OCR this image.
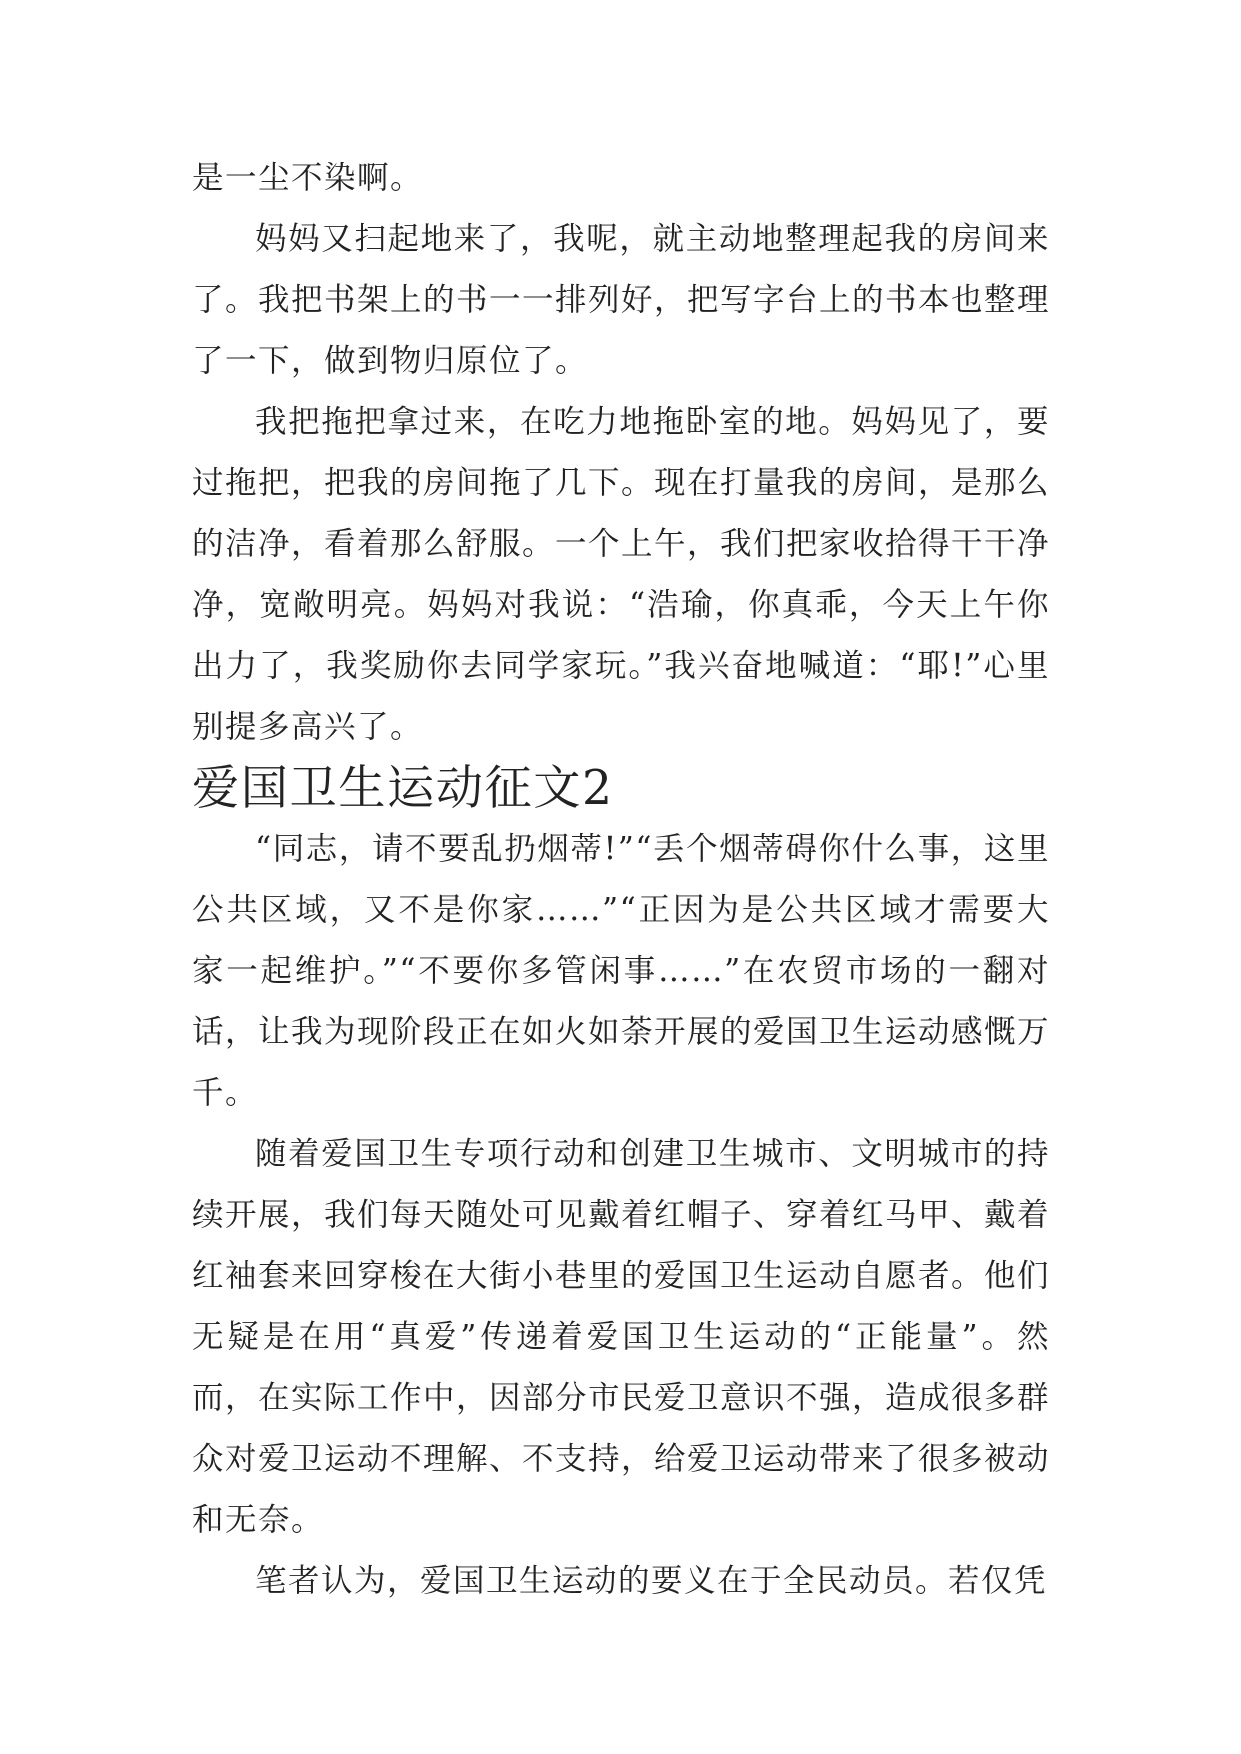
是一尘不染啊。

妈妈又扫起地来了，我呢，就主动地整理起我的房间来了。我把书架上的书一一排列好，把写字台上的书本也整理了一下，做到物归原位了。

我把拖把拿过来，在吃力地拖卧室的地。妈妈见了，要过拖把，把我的房间拖了几下。现在打量我的房间，是那么的洁净，看着那么舒服。一个上午，我们把家收拾得干干净净，宽敞明亮。妈妈对我说：“浩瑜，你真乖，今天上午你出力了，我奖励你去同学家玩。”我兴奋地喊道：“耶!”心里别提多高兴了。

爱国卫生运动征文2

“同志，请不要乱扔烟蒂!”“丢个烟蒂碍你什么事，这里公共区域，又不是你家……”“正因为是公共区域才需要大家一起维护。”“不要你多管闲事……”在农贸市场的一翻对话，让我为现阶段正在如火如荼开展的爱国卫生运动感慨万千。

随着爱国卫生专项行动和创建卫生城市、文明城市的持续开展，我们每天随处可见戴着红帽子、穿着红马甲、戴着红袖套来回穿梭在大街小巷里的爱国卫生运动自愿者。他们无疑是在用“真爱”传递着爱国卫生运动的“正能量”。然而，在实际工作中，因部分市民爱卫意识不强，造成很多群众对爱卫运动不理解、不支持，给爱卫运动带来了很多被动和无奈。

笔者认为，爱国卫生运动的要义在于全民动员。若仅凭
